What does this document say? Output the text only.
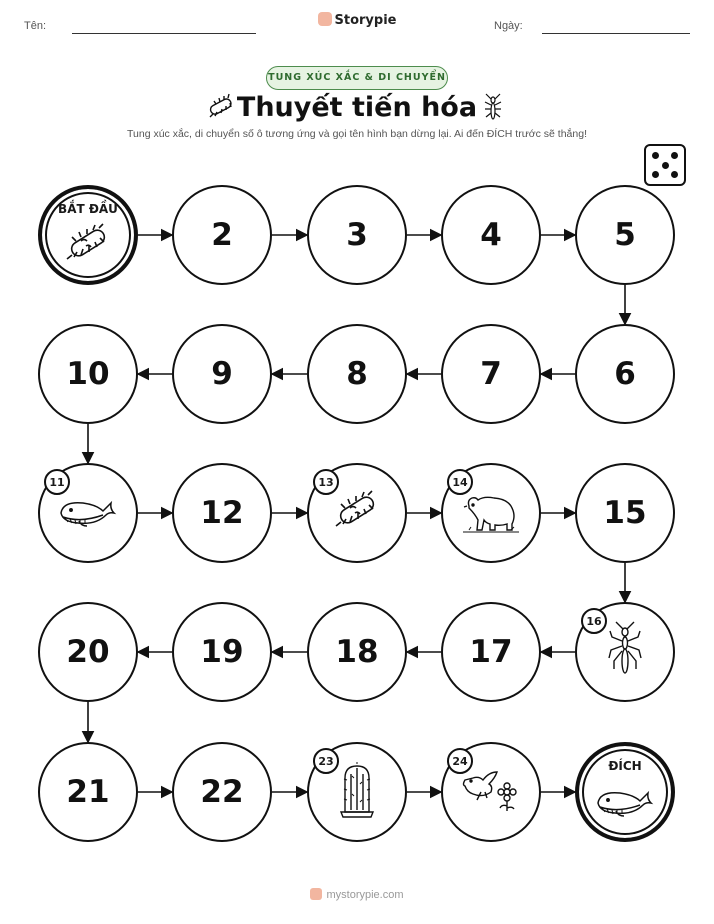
Tên:	Storypie	Ngày:
TUNG XÚC XẮC & DI CHUYỂN
Thuyết tiến hóa
Tung xúc xắc, di chuyển số ô tương ứng và gọi tên hình bạn dừng lại. Ai đến ĐÍCH trước sẽ thắng!
BẮT ĐẦU
2	3	4	5
6
7
8
9
10
11
12
13	14
15
16
17
18
19
20
21	22
23	24	ĐÍCH
mystorypie.com
